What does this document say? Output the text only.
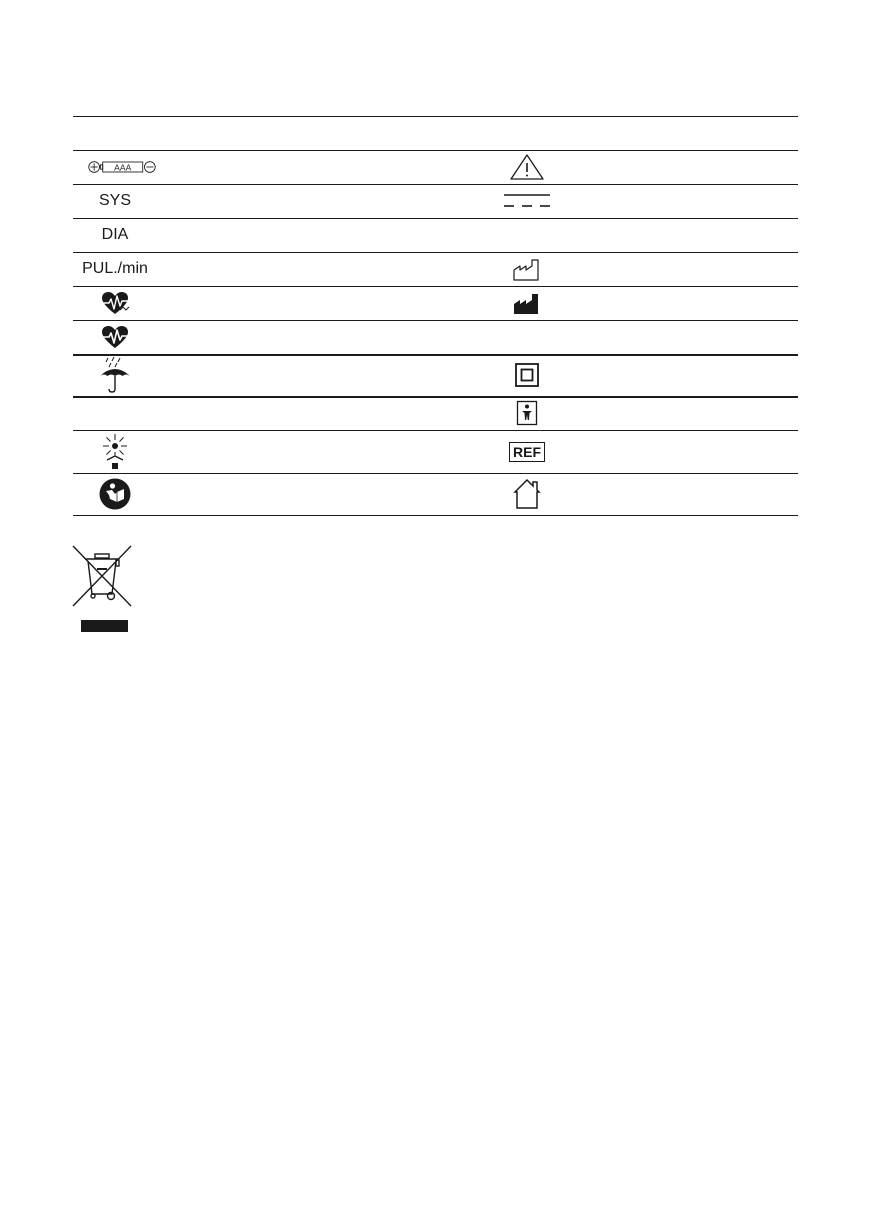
AAA
SYS
DIA
PUL./min
REF
